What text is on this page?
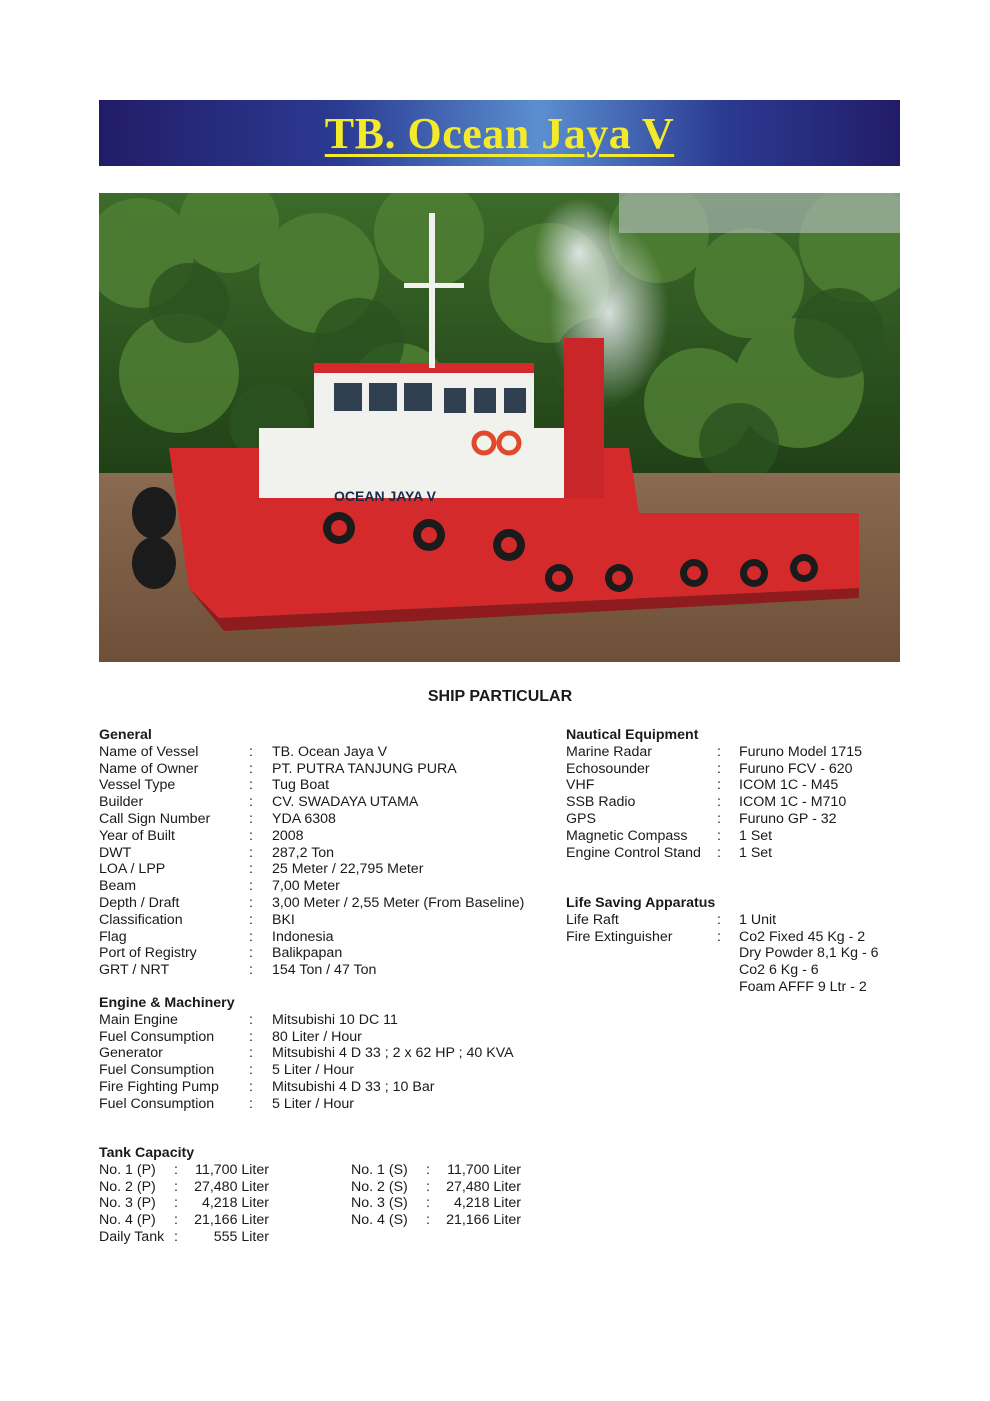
TB. Ocean Jaya V
OCEAN JAYA V
SHIP PARTICULAR
General
Name of Vessel	: TB. Ocean Jaya V
Name of Owner	: PT. PUTRA TANJUNG PURA
Vessel Type	: Tug Boat
Builder	: CV. SWADAYA UTAMA
Call Sign Number	: YDA 6308
Year of Built	: 2008
DWT	: 287,2 Ton
LOA / LPP	: 25 Meter / 22,795 Meter
Beam	: 7,00 Meter
Depth / Draft	: 3,00 Meter / 2,55 Meter (From Baseline)
Classification	: BKI
Flag	: Indonesia
Port of Registry	: Balikpapan
GRT / NRT	: 154 Ton / 47 Ton
Engine & Machinery
Main Engine	: Mitsubishi 10 DC 11
Fuel Consumption : 80 Liter / Hour
Generator	: Mitsubishi 4 D 33 ; 2 x 62 HP ; 40 KVA
Fuel Consumption : 5 Liter / Hour
Fire Fighting Pump : Mitsubishi 4 D 33 ; 10 Bar
Fuel Consumption : 5 Liter / Hour
Nautical Equipment
Marine Radar	: Furuno Model 1715
Echosounder	: Furuno FCV - 620
VHF	: ICOM 1C - M45
SSB Radio	: ICOM 1C - M710
GPS	: Furuno GP - 32
Magnetic Compass : 1 Set
Engine Control Stand : 1 Set
Life Saving Apparatus
Life Raft	: 1 Unit
Fire Extinguisher	: Co2 Fixed 45 Kg - 2
Dry Powder 8,1 Kg - 6
Co2 6 Kg - 6
Foam AFFF 9 Ltr - 2
Tank Capacity
No. 1 (P) :	11,700 Liter	No. 1 (S) :	11,700 Liter
No. 2 (P) :	27,480 Liter	No. 2 (S) :	27,480 Liter
No. 3 (P) :	4,218 Liter	No. 3 (S) :	4,218 Liter
No. 4 (P) :	21,166 Liter	No. 4 (S) :	21,166 Liter
Daily Tank :	555 Liter
